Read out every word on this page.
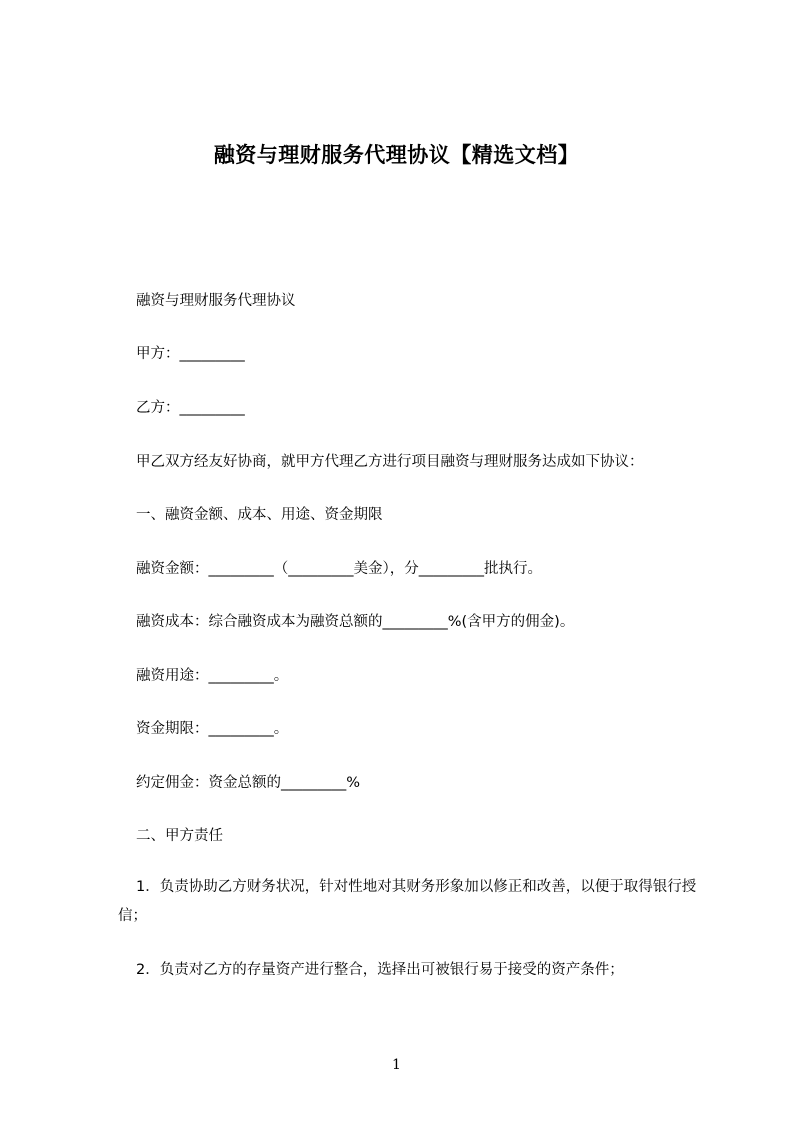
融资与理财服务代理协议【精选文档】
融资与理财服务代理协议
甲方：_________
乙方：_________
甲乙双方经友好协商，就甲方代理乙方进行项目融资与理财服务达成如下协议：
一、融资金额、成本、用途、资金期限
融资金额：_________（_________美金），分_________批执行。
融资成本：综合融资成本为融资总额的_________%(含甲方的佣金)。
融资用途：_________。
资金期限：_________。
约定佣金：资金总额的_________%
二、甲方责任
1．负责协助乙方财务状况，针对性地对其财务形象加以修正和改善，以便于取得银行授信；
2．负责对乙方的存量资产进行整合，选择出可被银行易于接受的资产条件；
1
